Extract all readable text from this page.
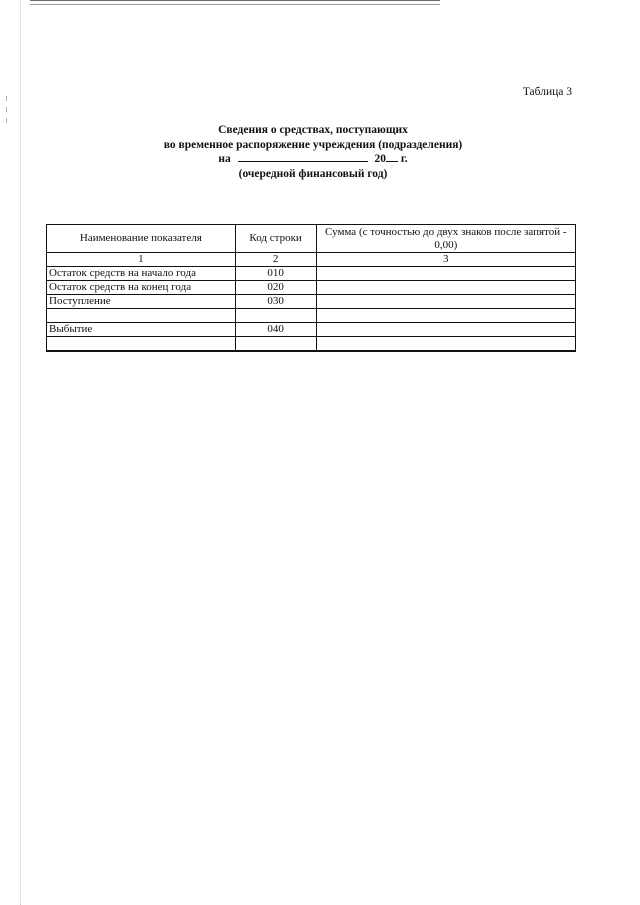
Таблица 3
Сведения о средствах, поступающих
во временное распоряжение учреждения (подразделения)
на	20 г.
(очередной финансовый год)
Наименование показателя	Код строки	Сумма (с точностью до двух знаков после запятой - 0,00)
1	2	3
Остаток средств на начало года	010	
Остаток средств на конец года	020	
Поступление	030	

Выбытие	040	
